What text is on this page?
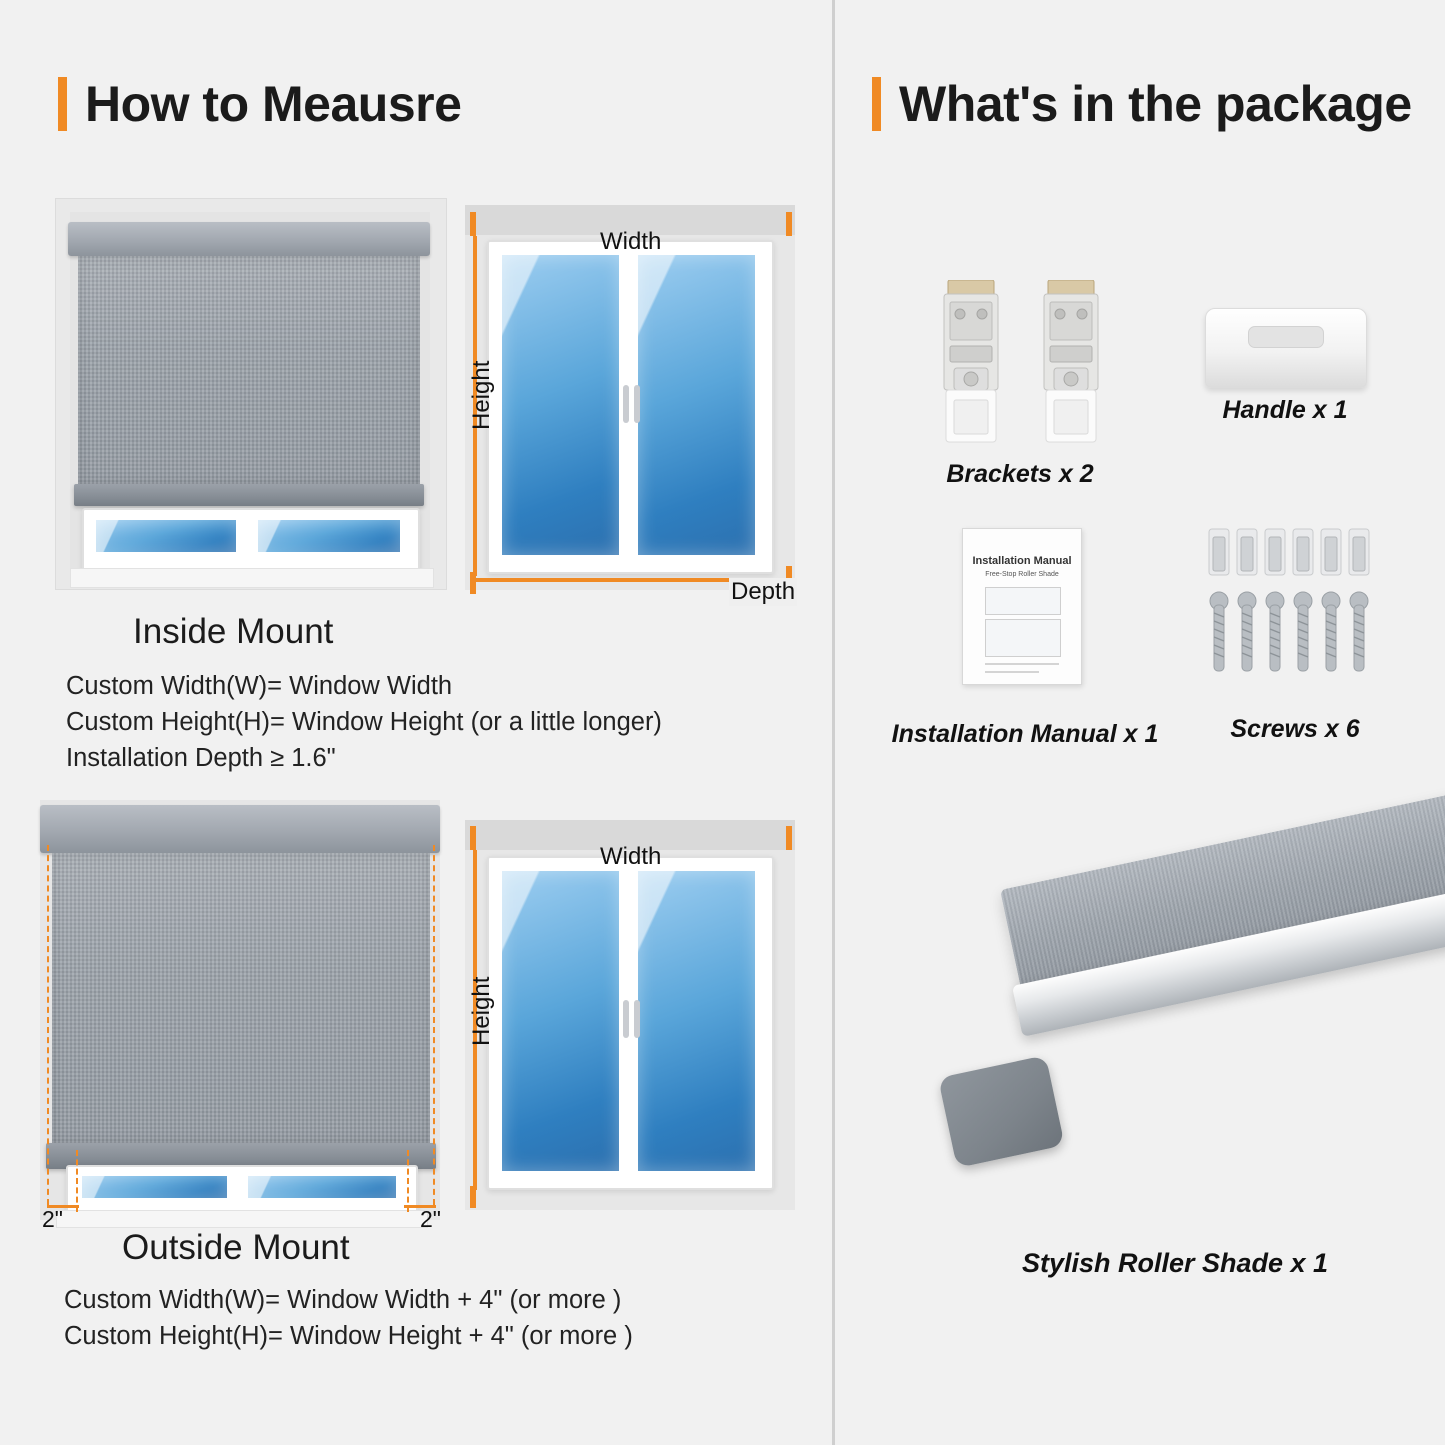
How to Meausre	What's in the package
Width
Height
Depth
Inside Mount
Custom Width(W)= Window Width
Custom Height(H)= Window Height (or a little longer)
Installation Depth ≥ 1.6"
2"	2"
Width
Height
Outside Mount
Custom Width(W)= Window Width + 4" (or more )
Custom Height(H)= Window Height + 4" (or more )
Brackets x 2
Handle x 1
Installation Manual
Free-Stop Roller Shade
Installation Manual x 1	Screws x 6
Stylish Roller Shade x 1
